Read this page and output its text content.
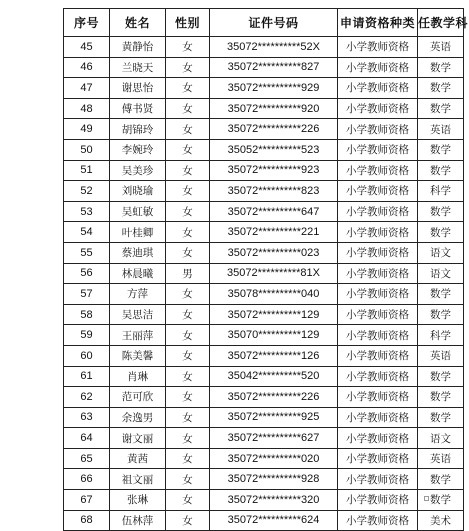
序号	姓名	性别	证件号码	申请资格种类	任教学科
45	黄静怡	女	35072**********52X	小学教师资格	英语
46	兰晓天	女	35072**********827	小学教师资格	数学
47	谢思怡	女	35072**********929	小学教师资格	数学
48	傅书贤	女	35072**********920	小学教师资格	数学
49	胡锦玲	女	35072**********226	小学教师资格	英语
50	李婉玲	女	35052**********523	小学教师资格	数学
51	吴美珍	女	35072**********923	小学教师资格	数学
52	刘晓瑜	女	35072**********823	小学教师资格	科学
53	吴虹敏	女	35072**********647	小学教师资格	数学
54	叶桂卿	女	35072**********221	小学教师资格	数学
55	蔡迪琪	女	35072**********023	小学教师资格	语文
56	林晨曦	男	35072**********81X	小学教师资格	语文
57	方萍	女	35078**********040	小学教师资格	数学
58	吴思洁	女	35072**********129	小学教师资格	数学
59	王丽萍	女	35070**********129	小学教师资格	科学
60	陈美馨	女	35072**********126	小学教师资格	英语
61	肖琳	女	35042**********520	小学教师资格	数学
62	范可欣	女	35072**********226	小学教师资格	数学
63	余逸男	女	35072**********925	小学教师资格	数学
64	谢文丽	女	35072**********627	小学教师资格	语文
65	黄茜	女	35072**********020	小学教师资格	英语
66	祖文丽	女	35072**********928	小学教师资格	数学
67	张琳	女	35072**********320	小学教师资格	数学
68	伍林萍	女	35072**********624	小学教师资格	美术
